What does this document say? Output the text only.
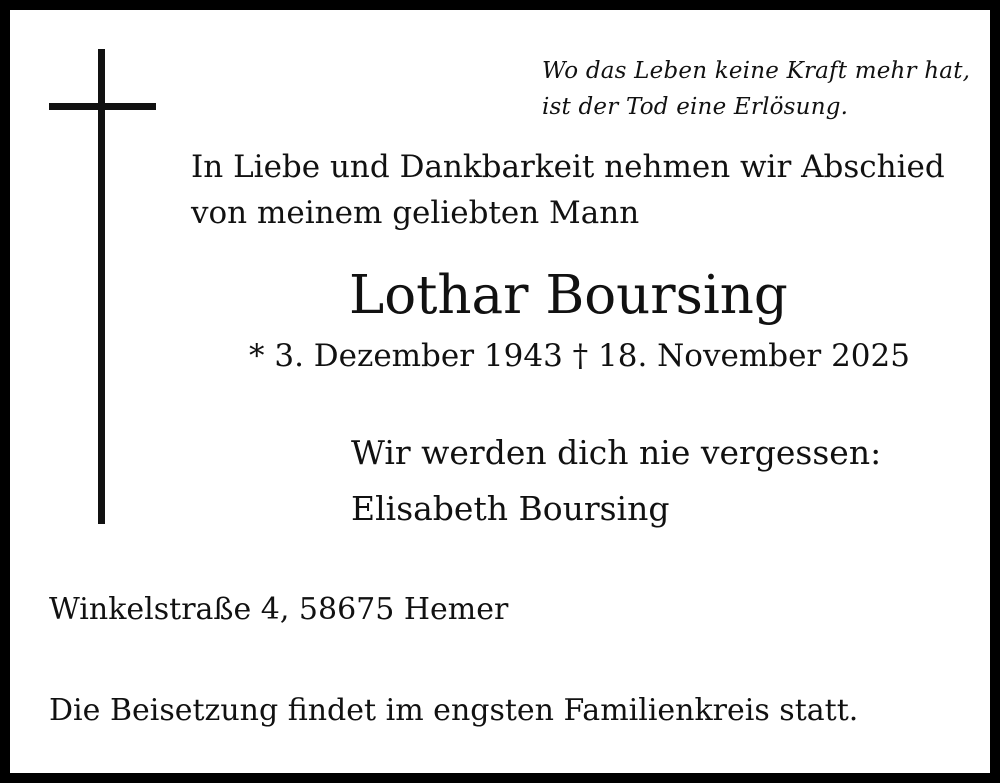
Wo das Leben keine Kraft mehr hat,
ist der Tod eine Erlösung.
In Liebe und Dankbarkeit nehmen wir Abschied
von meinem geliebten Mann
Lothar Boursing
* 3. Dezember 1943 † 18. November 2025
Wir werden dich nie vergessen:
Elisabeth Boursing
Winkelstraße 4, 58675 Hemer
Die Beisetzung findet im engsten Familienkreis statt.
